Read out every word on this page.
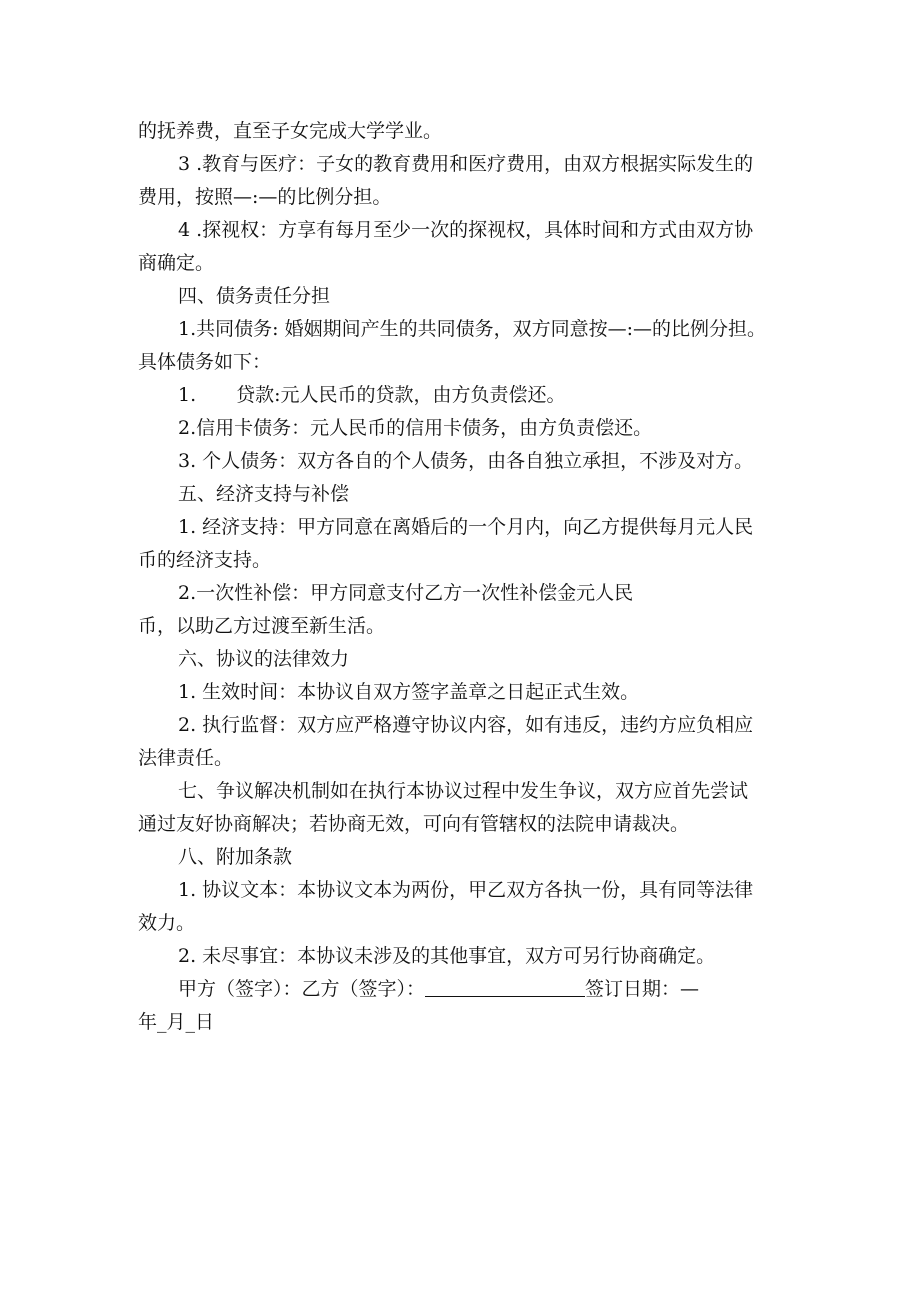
的抚养费，直至子女完成大学学业。
3 .教育与医疗：子女的教育费用和医疗费用，由双方根据实际发生的
费用，按照—:—的比例分担。
4 .探视权：方享有每月至少一次的探视权，具体时间和方式由双方协
商确定。
四、债务责任分担
1.共同债务: 婚姻期间产生的共同债务，双方同意按—:—的比例分担。
具体债务如下：
1. 贷款:元人民币的贷款，由方负责偿还。
2.信用卡债务：元人民币的信用卡债务，由方负责偿还。
3. 个人债务：双方各自的个人债务，由各自独立承担，不涉及对方。
五、经济支持与补偿
1. 经济支持：甲方同意在离婚后的一个月内，向乙方提供每月元人民
币的经济支持。
2.一次性补偿：甲方同意支付乙方一次性补偿金元人民
币，以助乙方过渡至新生活。
六、协议的法律效力
1. 生效时间：本协议自双方签字盖章之日起正式生效。
2. 执行监督：双方应严格遵守协议内容，如有违反，违约方应负相应
法律责任。
七、争议解决机制如在执行本协议过程中发生争议，双方应首先尝试
通过友好协商解决；若协商无效，可向有管辖权的法院申请裁决。
八、附加条款
1. 协议文本：本协议文本为两份，甲乙双方各执一份，具有同等法律
效力。
2. 未尽事宜：本协议未涉及的其他事宜，双方可另行协商确定。
甲方（签字）：乙方（签字）：	签订日期：—
年_月_日
